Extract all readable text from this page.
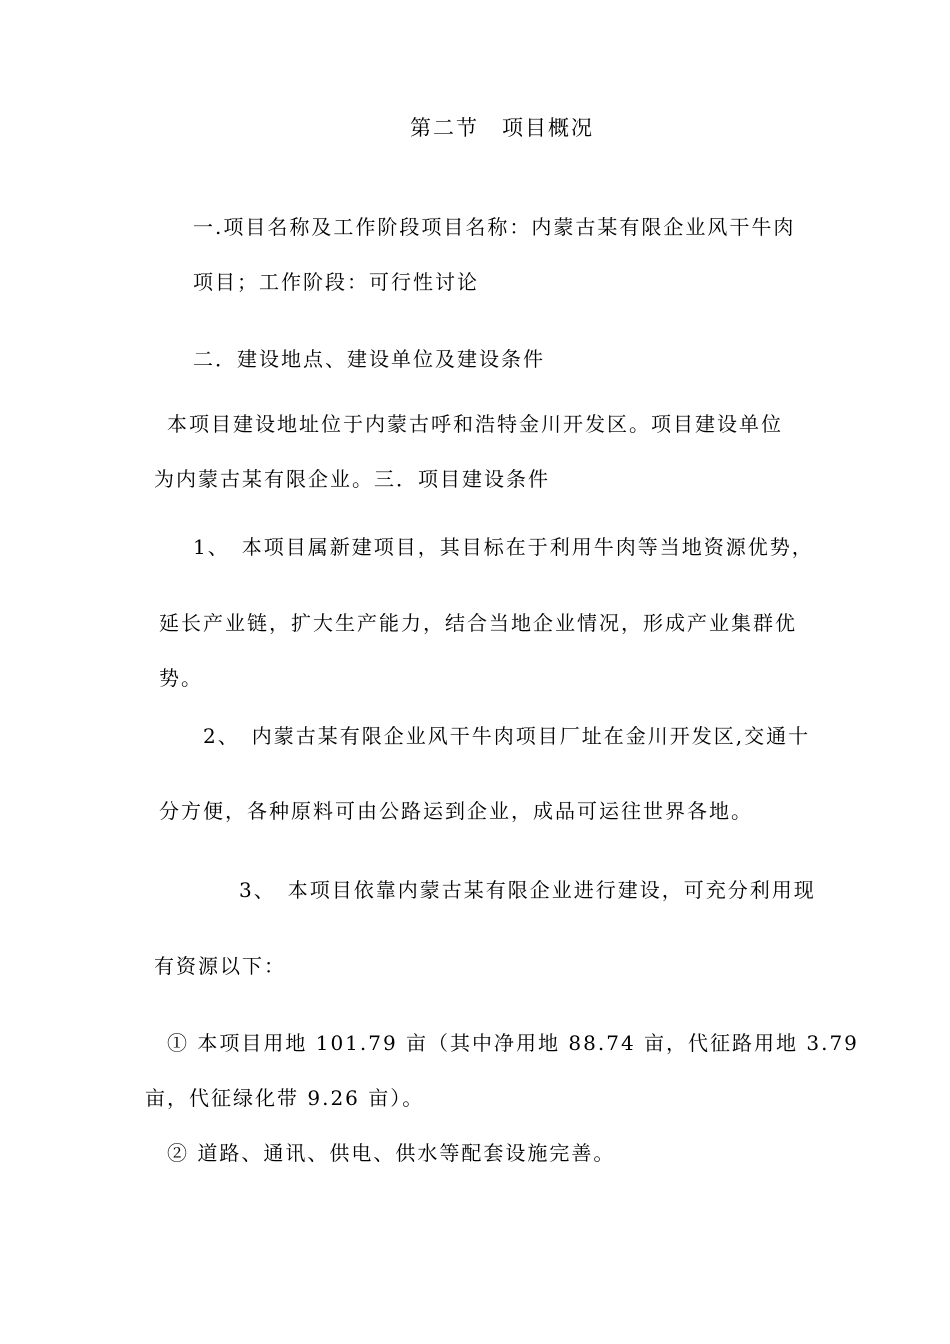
第二节　项目概况
一.项目名称及工作阶段项目名称：内蒙古某有限企业风干牛肉
项目；工作阶段：可行性讨论
二．建设地点、建设单位及建设条件
本项目建设地址位于内蒙古呼和浩特金川开发区。项目建设单位
为内蒙古某有限企业。三．项目建设条件
1、　本项目属新建项目，其目标在于利用牛肉等当地资源优势，
延长产业链，扩大生产能力，结合当地企业情况，形成产业集群优
势。
2、　内蒙古某有限企业风干牛肉项目厂址在金川开发区,交通十
分方便，各种原料可由公路运到企业，成品可运往世界各地。
3、　本项目依靠内蒙古某有限企业进行建设，可充分利用现
有资源以下：
① 本项目用地 101.79 亩（其中净用地 88.74 亩，代征路用地 3.79
亩，代征绿化带 9.26 亩）。
② 道路、通讯、供电、供水等配套设施完善。
